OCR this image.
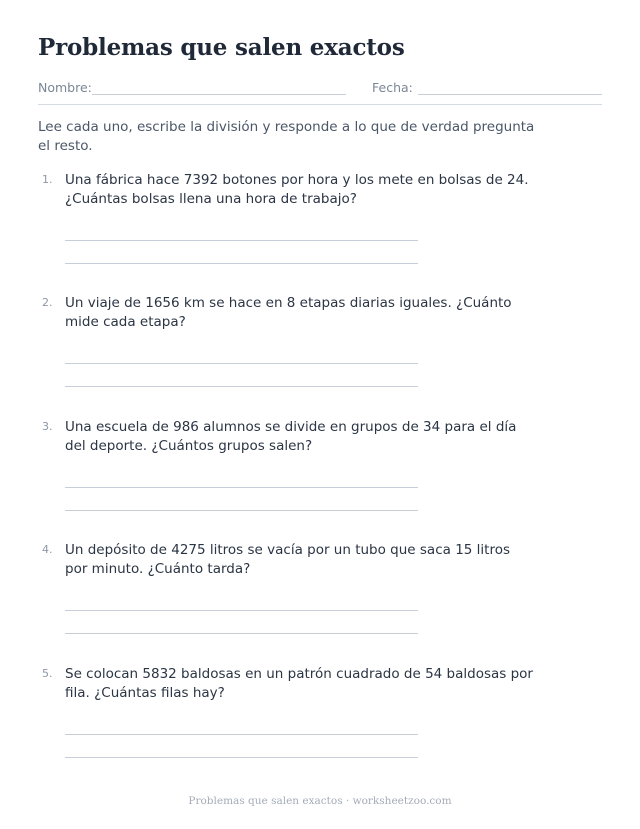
Problemas que salen exactos
Nombre:	Fecha:
Lee cada uno, escribe la división y responde a lo que de verdad pregunta el resto.
1. Una fábrica hace 7392 botones por hora y los mete en bolsas de 24. ¿Cuántas bolsas llena una hora de trabajo?
2. Un viaje de 1656 km se hace en 8 etapas diarias iguales. ¿Cuánto mide cada etapa?
3. Una escuela de 986 alumnos se divide en grupos de 34 para el día del deporte. ¿Cuántos grupos salen?
4. Un depósito de 4275 litros se vacía por un tubo que saca 15 litros por minuto. ¿Cuánto tarda?
5. Se colocan 5832 baldosas en un patrón cuadrado de 54 baldosas por fila. ¿Cuántas filas hay?
Problemas que salen exactos · worksheetzoo.com
